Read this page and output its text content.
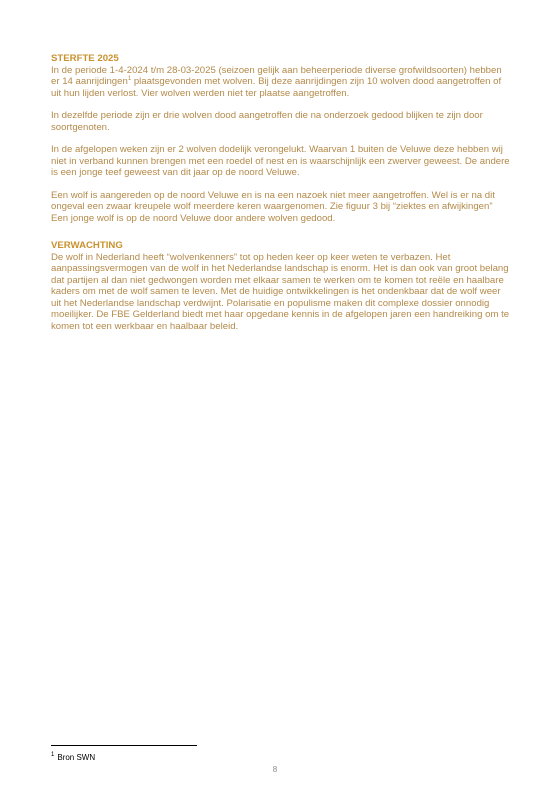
STERFTE 2025

In de periode 1-4-2024 t/m 28-03-2025 (seizoen gelijk aan beheerperiode diverse grofwildsoorten) hebben er 14 aanrijdingen$^1$ plaatsgevonden met wolven. Bij deze aanrijdingen zijn 10 wolven dood aangetroffen of uit hun lijden verlost. Vier wolven werden niet ter plaatse aangetroffen.

In dezelfde periode zijn er drie wolven dood aangetroffen die na onderzoek gedood blijken te zijn door soortgenoten.

In de afgelopen weken zijn er 2 wolven dodelijk verongelukt. Waarvan 1 buiten de Veluwe deze hebben wij niet in verband kunnen brengen met een roedel of nest en is waarschijnlijk een zwerver geweest. De andere is een jonge teef geweest van dit jaar op de noord Veluwe.

Een wolf is aangereden op de noord Veluwe en is na een nazoek niet meer aangetroffen. Wel is er na dit ongeval een zwaar kreupele wolf meerdere keren waargenomen. Zie figuur 3 bij “ziektes en afwijkingen”

Een jonge wolf is op de noord Veluwe door andere wolven gedood.

VERWACHTING

De wolf in Nederland heeft “wolvenkenners” tot op heden keer op keer weten te verbazen. Het aanpassingsvermogen van de wolf in het Nederlandse landschap is enorm. Het is dan ook van groot belang dat partijen al dan niet gedwongen worden met elkaar samen te werken om te komen tot reële en haalbare kaders om met de wolf samen te leven. Met de huidige ontwikkelingen is het ondenkbaar dat de wolf weer uit het Nederlandse landschap verdwijnt. Polarisatie en populisme maken dit complexe dossier onnodig moeilijker. De FBE Gelderland biedt met haar opgedane kennis in de afgelopen jaren een handreiking om te komen tot een werkbaar en haalbaar beleid.

$^1$ Bron SWN
8
